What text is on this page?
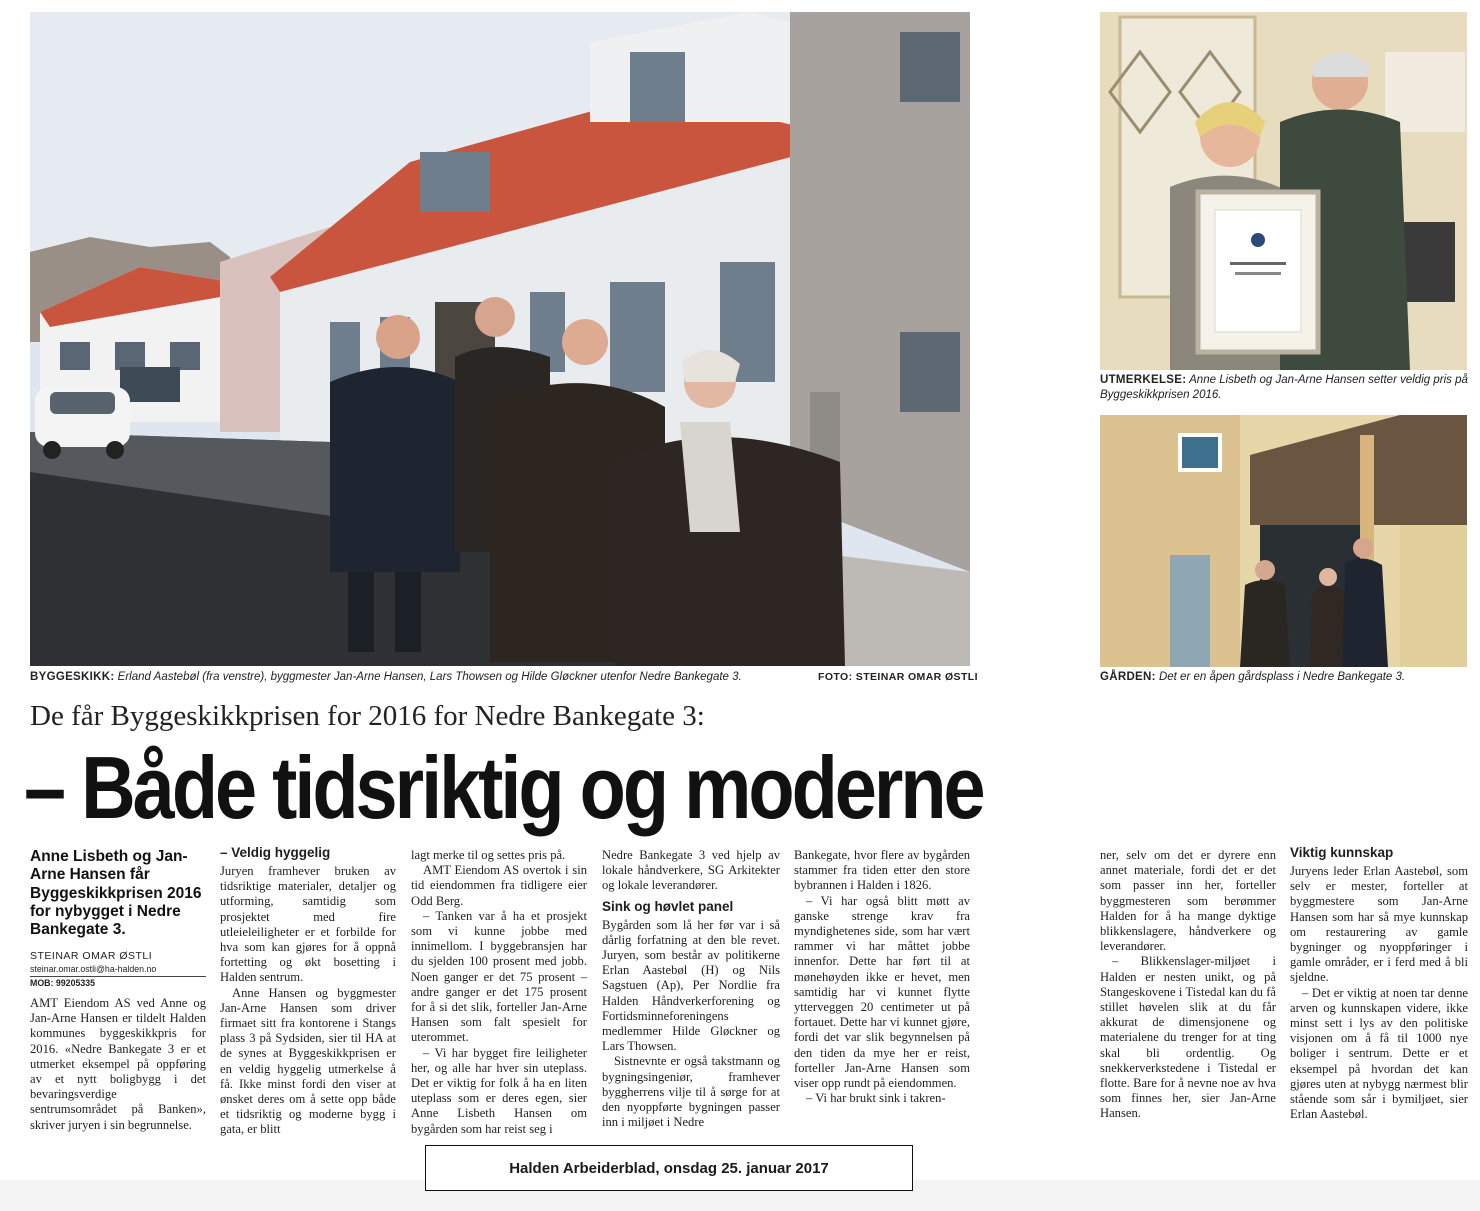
BYGGESKIKK: Erland Aastebøl (fra venstre), byggmester Jan-Arne Hansen, Lars Thowsen og Hilde Gløckner utenfor Nedre Bankegate 3.	FOTO: STEINAR OMAR ØSTLI
UTMERKELSE: Anne Lisbeth og Jan-Arne Hansen setter veldig pris på Byggeskikkprisen 2016.
GÅRDEN: Det er en åpen gårdsplass i Nedre Bankegate 3.
De får Byggeskikkprisen for 2016 for Nedre Bankegate 3:
– Både tidsriktig og moderne
Anne Lisbeth og Jan-Arne Hansen får Byggeskikkprisen 2016 for nybygget i Nedre Bankegate 3.
STEINAR OMAR ØSTLI
steinar.omar.ostli@ha-halden.no
MOB: 99205335

AMT Eiendom AS ved Anne og Jan-Arne Hansen er tildelt Halden kommunes byggeskikkpris for 2016. «Nedre Bankegate 3 er et utmerket eksempel på oppføring av et nytt boligbygg i det bevaringsverdige sentrumsområdet på Banken», skriver juryen i sin begrunnelse.

– Veldig hyggelig

Juryen framhever bruken av tidsriktige materialer, detaljer og utforming, samtidig som prosjektet med fire utleieleiligheter er et forbilde for hva som kan gjøres for å oppnå fortetting og økt bosetting i Halden sentrum.

Anne Hansen og byggmester Jan-Arne Hansen som driver firmaet sitt fra kontorene i Stangs plass 3 på Sydsiden, sier til HA at de synes at Byggeskikkprisen er en veldig hyggelig utmerkelse å få. Ikke minst fordi den viser at ønsket deres om å sette opp både et tidsriktig og moderne bygg i gata, er blitt

lagt merke til og settes pris på.

AMT Eiendom AS overtok i sin tid eiendommen fra tidligere eier Odd Berg.

– Tanken var å ha et prosjekt som vi kunne jobbe med innimellom. I byggebransjen har du sjelden 100 prosent med jobb. Noen ganger er det 75 prosent – andre ganger er det 175 prosent for å si det slik, forteller Jan-Arne Hansen som falt spesielt for uterommet.

– Vi har bygget fire leiligheter her, og alle har hver sin uteplass. Det er viktig for folk å ha en liten uteplass som er deres egen, sier Anne Lisbeth Hansen om bygården som har reist seg i

Nedre Bankegate 3 ved hjelp av lokale håndverkere, SG Arkitekter og lokale leverandører.

Sink og høvlet panel

Bygården som lå her før var i så dårlig forfatning at den ble revet. Juryen, som består av politikerne Erlan Aastebøl (H) og Nils Sagstuen (Ap), Per Nordlie fra Halden Håndverkerforening og Fortidsminneforeningens medlemmer Hilde Gløckner og Lars Thowsen.

Sistnevnte er også takstmann og bygningsingeniør, framhever byggherrens vilje til å sørge for at den nyoppførte bygningen passer inn i miljøet i Nedre

Bankegate, hvor flere av bygården stammer fra tiden etter den store bybrannen i Halden i 1826.

– Vi har også blitt møtt av ganske strenge krav fra myndighetenes side, som har vært rammer vi har måttet jobbe innenfor. Dette har ført til at mønehøyden ikke er hevet, men samtidig har vi kunnet flytte ytterveggen 20 centimeter ut på fortauet. Dette har vi kunnet gjøre, fordi det var slik begynnelsen på den tiden da mye her er reist, forteller Jan-Arne Hansen som viser opp rundt på eiendommen.

– Vi har brukt sink i takren-

ner, selv om det er dyrere enn annet materiale, fordi det er det som passer inn her, forteller byggmesteren som berømmer Halden for å ha mange dyktige blikkenslagere, håndverkere og leverandører.

– Blikkenslager-miljøet i Halden er nesten unikt, og på Stangeskovene i Tistedal kan du få stillet høvelen slik at du får akkurat de dimensjonene og materialene du trenger for at ting skal bli ordentlig. Og snekkerverkstedene i Tistedal er flotte. Bare for å nevne noe av hva som finnes her, sier Jan-Arne Hansen.

Viktig kunnskap

Juryens leder Erlan Aastebøl, som selv er mester, forteller at byggmestere som Jan-Arne Hansen som har så mye kunnskap om restaurering av gamle bygninger og nyoppføringer i gamle områder, er i ferd med å bli sjeldne.

– Det er viktig at noen tar denne arven og kunnskapen videre, ikke minst sett i lys av den politiske visjonen om å få til 1000 nye boliger i sentrum. Dette er et eksempel på hvordan det kan gjøres uten at nybygg nærmest blir stående som sår i bymiljøet, sier Erlan Aastebøl.

Halden Arbeiderblad, onsdag 25. januar 2017
